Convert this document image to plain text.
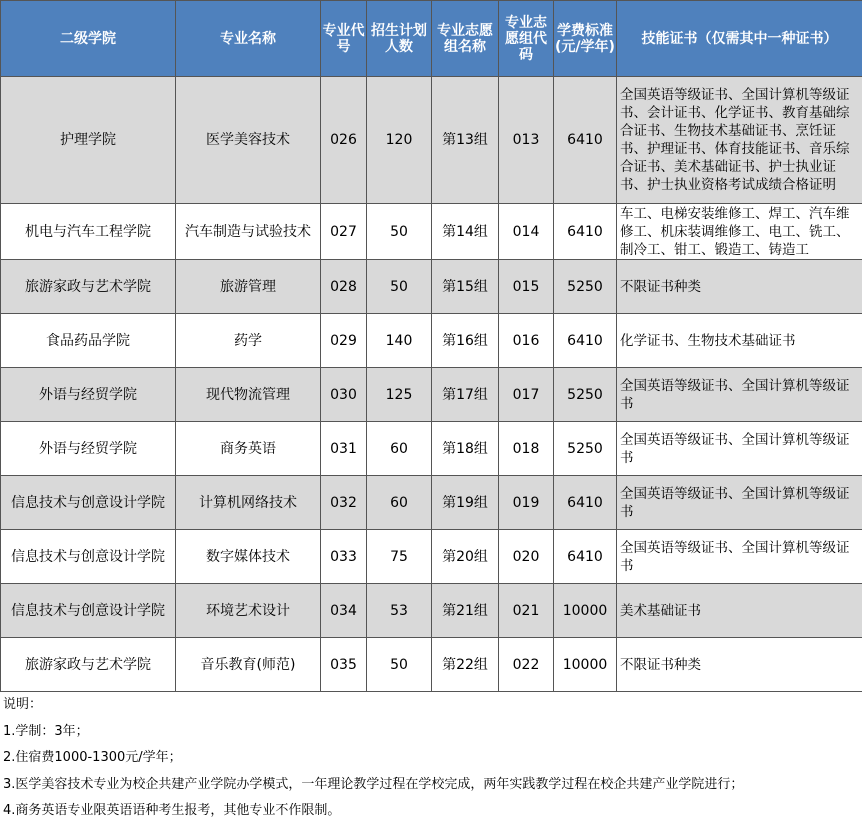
二级学院	专业名称	专业代号	招生计划人数	专业志愿组名称	专业志愿组代码	学费标准(元/学年)	技能证书（仅需其中一种证书）
护理学院	医学美容技术	026	120	第13组	013	6410	全国英语等级证书、全国计算机等级证书、会计证书、化学证书、教育基础综合证书、生物技术基础证书、烹饪证书、护理证书、体育技能证书、音乐综合证书、美术基础证书、护士执业证书、护士执业资格考试成绩合格证明
机电与汽车工程学院	汽车制造与试验技术	027	50	第14组	014	6410	车工、电梯安装维修工、焊工、汽车维修工、机床装调维修工、电工、铣工、制冷工、钳工、锻造工、铸造工
旅游家政与艺术学院	旅游管理	028	50	第15组	015	5250	不限证书种类
食品药品学院	药学	029	140	第16组	016	6410	化学证书、生物技术基础证书
外语与经贸学院	现代物流管理	030	125	第17组	017	5250	全国英语等级证书、全国计算机等级证书
外语与经贸学院	商务英语	031	60	第18组	018	5250	全国英语等级证书、全国计算机等级证书
信息技术与创意设计学院	计算机网络技术	032	60	第19组	019	6410	全国英语等级证书、全国计算机等级证书
信息技术与创意设计学院	数字媒体技术	033	75	第20组	020	6410	全国英语等级证书、全国计算机等级证书
信息技术与创意设计学院	环境艺术设计	034	53	第21组	021	10000	美术基础证书
旅游家政与艺术学院	音乐教育(师范)	035	50	第22组	022	10000	不限证书种类
说明：
1.学制：3年；
2.住宿费1000-1300元/学年；
3.医学美容技术专业为校企共建产业学院办学模式，一年理论教学过程在学校完成，两年实践教学过程在校企共建产业学院进行；
4.商务英语专业限英语语种考生报考，其他专业不作限制。
